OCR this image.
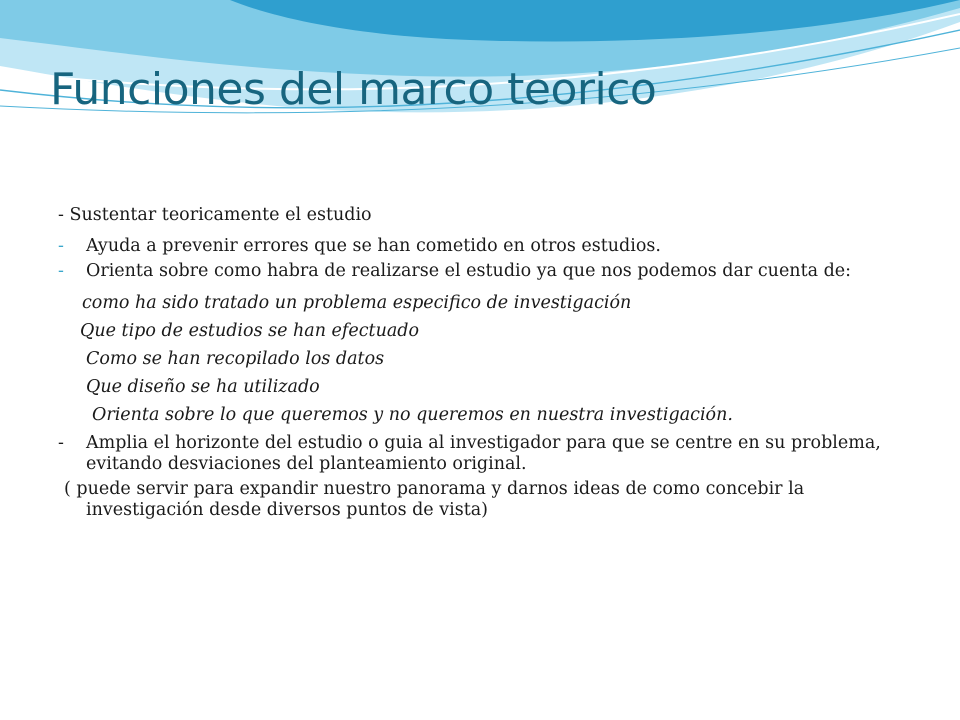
Funciones del marco teorico
- Sustentar teoricamente el estudio
- Ayuda a prevenir errores que se han cometido en otros estudios.
- Orienta sobre como habra de realizarse el estudio ya que nos podemos dar cuenta de:
como ha sido tratado un problema especifico de investigación
Que tipo de estudios se han efectuado
Como se han recopilado los datos
Que diseño se ha utilizado
Orienta sobre lo que queremos y no queremos en nuestra investigación.
- Amplia el horizonte del estudio o guia al investigador para que se centre en su problema, evitando desviaciones del planteamiento original.
( puede servir para expandir nuestro panorama y darnos ideas de como concebir la investigación desde diversos puntos de vista)
